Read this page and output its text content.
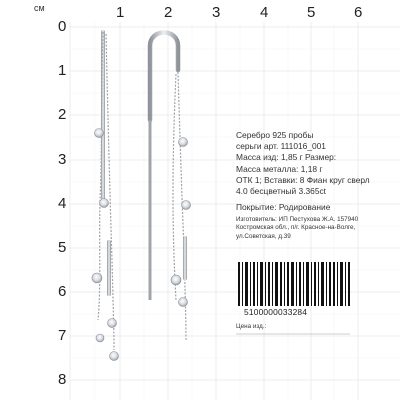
см	1	2	3	4	5	6
0
1
2
3
4
5
6
7
8
Серебро 925 пробы
серьги арт. 111016_001
Масса изд: 1,85 г Размер:
Масса металла: 1,18 г
ОТК 1; Вставки: 8 Фиан круг сверл
4.0 бесцветный 3.365ct
Покрытие: Родирование
Изготовитель: ИП Пестухова Ж.А. 157940
Костромская обл., п/г. Красное-на-Волге,
ул.Советская, д.39
5100000033284
Цена изд.:
